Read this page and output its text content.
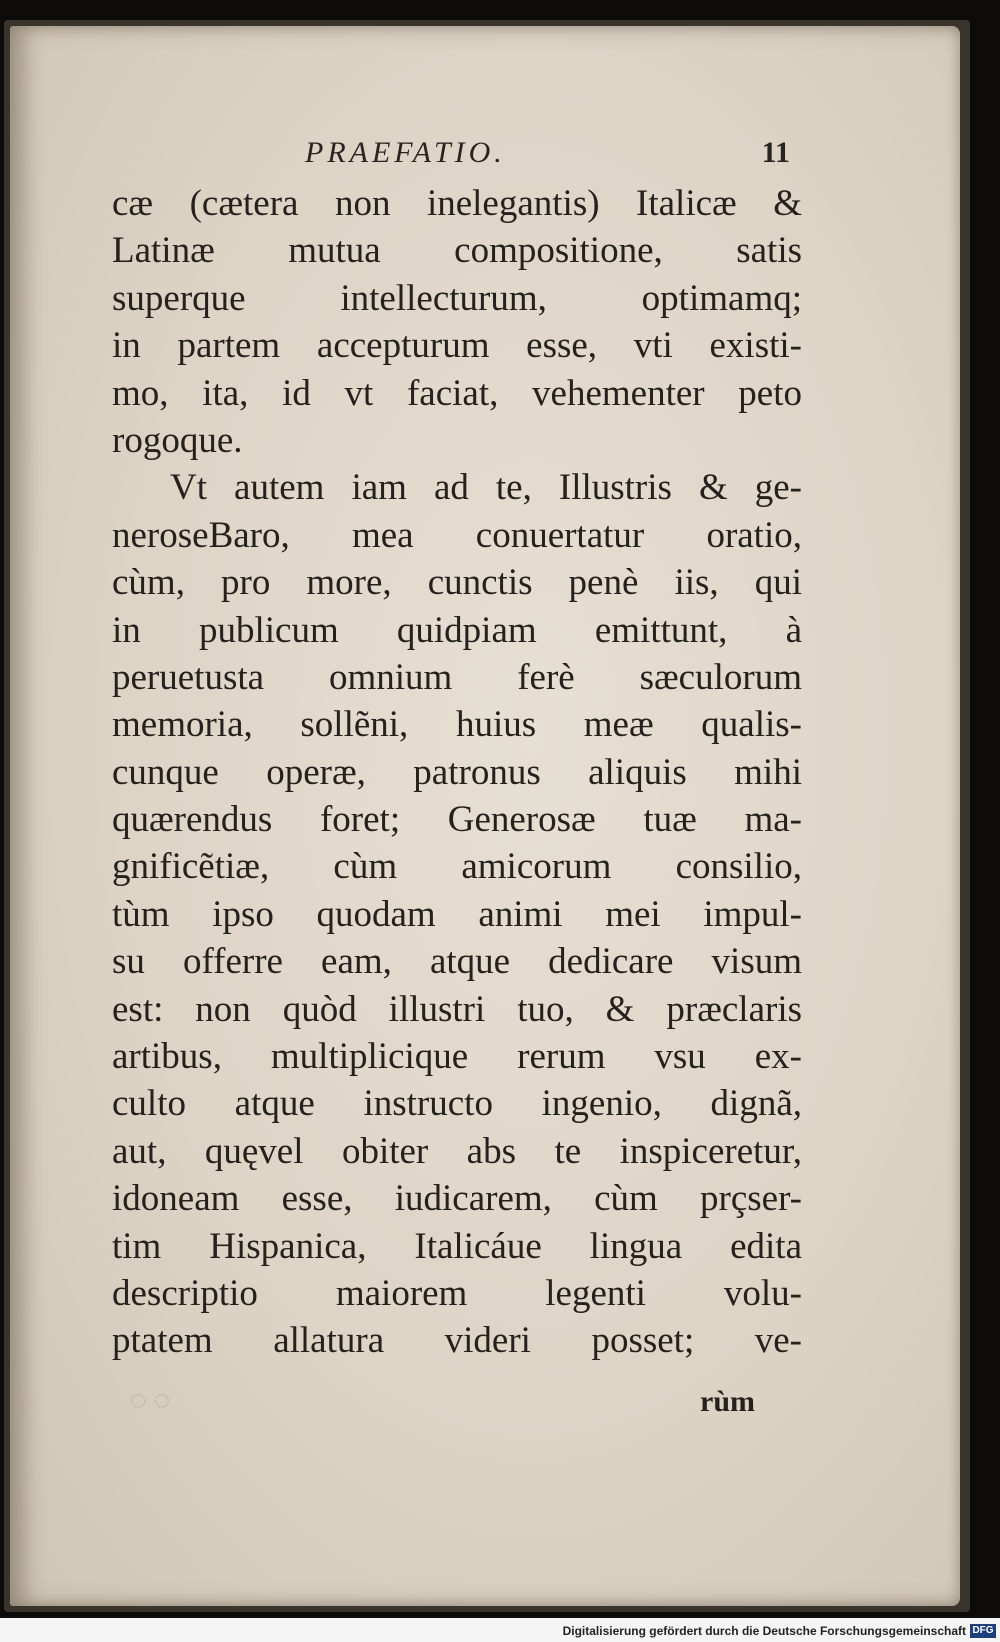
PRAEFATIO.	11
cæ (cætera non inelegantis) Italicæ &
Latinæ mutua compositione, satis
superque intellecturum, optimamq;
in partem accepturum esse, vti existi-
mo, ita, id vt faciat, vehementer peto
rogoque.
Vt autem iam ad te, Illustris & ge-
neroseBaro, mea conuertatur oratio,
cùm, pro more, cunctis penè iis, qui
in publicum quidpiam emittunt, à
peruetusta omnium ferè sæculorum
memoria, sollẽni, huius meæ qualis-
cunque operæ, patronus aliquis mihi
quærendus foret; Generosæ tuæ ma-
gnificẽtiæ, cùm amicorum consilio,
tùm ipso quodam animi mei impul-
su offerre eam, atque dedicare visum
est: non quòd illustri tuo, & præclaris
artibus, multiplicique rerum vsu ex-
culto atque instructo ingenio, dignã,
aut, quęvel obiter abs te inspiceretur,
idoneam esse, iudicarem, cùm prçser-
tim Hispanica, Italicáue lingua edita
descriptio maiorem legenti volu-
ptatem allatura videri posset; ve-
◌ ◌	rùm
Digitalisierung gefördert durch die Deutsche Forschungsgemeinschaft DFG
